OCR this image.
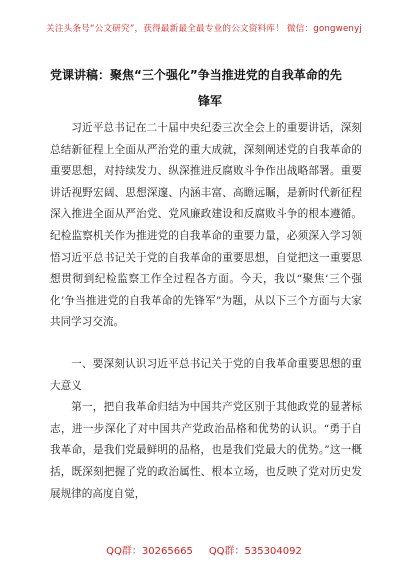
关注头条号“公文研究”，获得最新最全最专业的公文资料库！ 微信：gongwenyj
党课讲稿：聚焦“三个强化”争当推进党的自我革命的先
锋军

习近平总书记在二十届中央纪委三次全会上的重要讲话，深刻总结新征程上全面从严治党的重大成就，深刻阐述党的自我革命的重要思想，对持续发力、纵深推进反腐败斗争作出战略部署。重要讲话视野宏阔、思想深邃、内涵丰富、高瞻远瞩，是新时代新征程深入推进全面从严治党、党风廉政建设和反腐败斗争的根本遵循。纪检监察机关作为推进党的自我革命的重要力量，必须深入学习领悟习近平总书记关于党的自我革命的重要思想，自觉把这一重要思想贯彻到纪检监察工作全过程各方面。今天，我以“聚焦‘三个强化’争当推进党的自我革命的先锋军”为题，从以下三个方面与大家共同学习交流。

一、要深刻认识习近平总书记关于党的自我革命重要思想的重大意义

第一，把自我革命归结为中国共产党区别于其他政党的显著标志，进一步深化了对中国共产党政治品格和优势的认识。“勇于自我革命，是我们党最鲜明的品格，也是我们党最大的优势。”这一概括，既深刻把握了党的政治属性、根本立场，也反映了党对历史发展规律的高度自觉，

QQ群：30265665 QQ群：535304092
